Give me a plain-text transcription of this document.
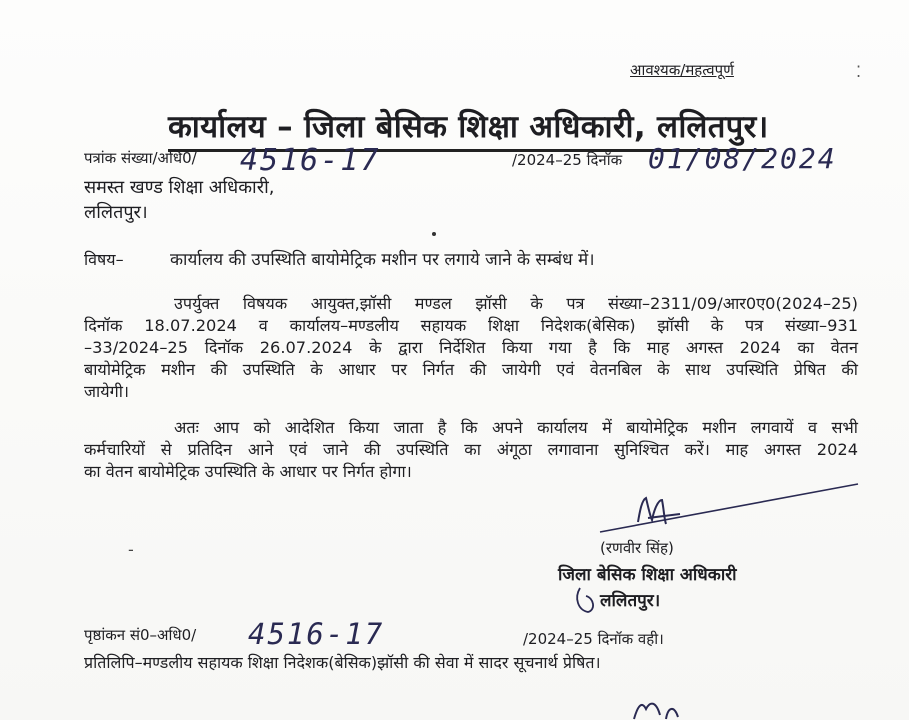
आवश्यक/महत्वपूर्ण	⁚
कार्यालय – जिला बेसिक शिक्षा अधिकारी, ललितपुर।
पत्रांक संख्या/अधि0/ 4516-17	/2024–25 दिनॉक 01/08/2024
समस्त खण्ड शिक्षा अधिकारी,
ललितपुर।
विषय–	कार्यालय की उपस्थिति बायोमेट्रिक मशीन पर लगाये जाने के सम्बंध में।
उपर्युक्त विषयक आयुक्त,झॉसी मण्डल झॉसी के पत्र संख्या–2311/09/आर0ए0(2024–25)
दिनॉक 18.07.2024 व कार्यालय–मण्डलीय सहायक शिक्षा निदेशक(बेसिक) झॉसी के पत्र संख्या–931
–33/2024–25 दिनॉक 26.07.2024 के द्वारा निर्देशित किया गया है कि माह अगस्त 2024 का वेतन
बायोमेट्रिक मशीन की उपस्थिति के आधार पर निर्गत की जायेगी एवं वेतनबिल के साथ उपस्थिति प्रेषित की
जायेगी।
अतः आप को आदेशित किया जाता है कि अपने कार्यालय में बायोमेट्रिक मशीन लगवायें व सभी
कर्मचारियों से प्रतिदिन आने एवं जाने की उपस्थिति का अंगूठा लगावाना सुनिश्चित करें। माह अगस्त 2024
का वेतन बायोमेट्रिक उपस्थिति के आधार पर निर्गत होगा।
-	(रणवीर सिंह)
जिला बेसिक शिक्षा अधिकारी
ललितपुर।
पृष्ठांकन सं0–अधि0/ 4516-17	/2024–25 दिनॉक वही।
प्रतिलिपि–मण्डलीय सहायक शिक्षा निदेशक(बेसिक)झॉसी की सेवा में सादर सूचनार्थ प्रेषित।
